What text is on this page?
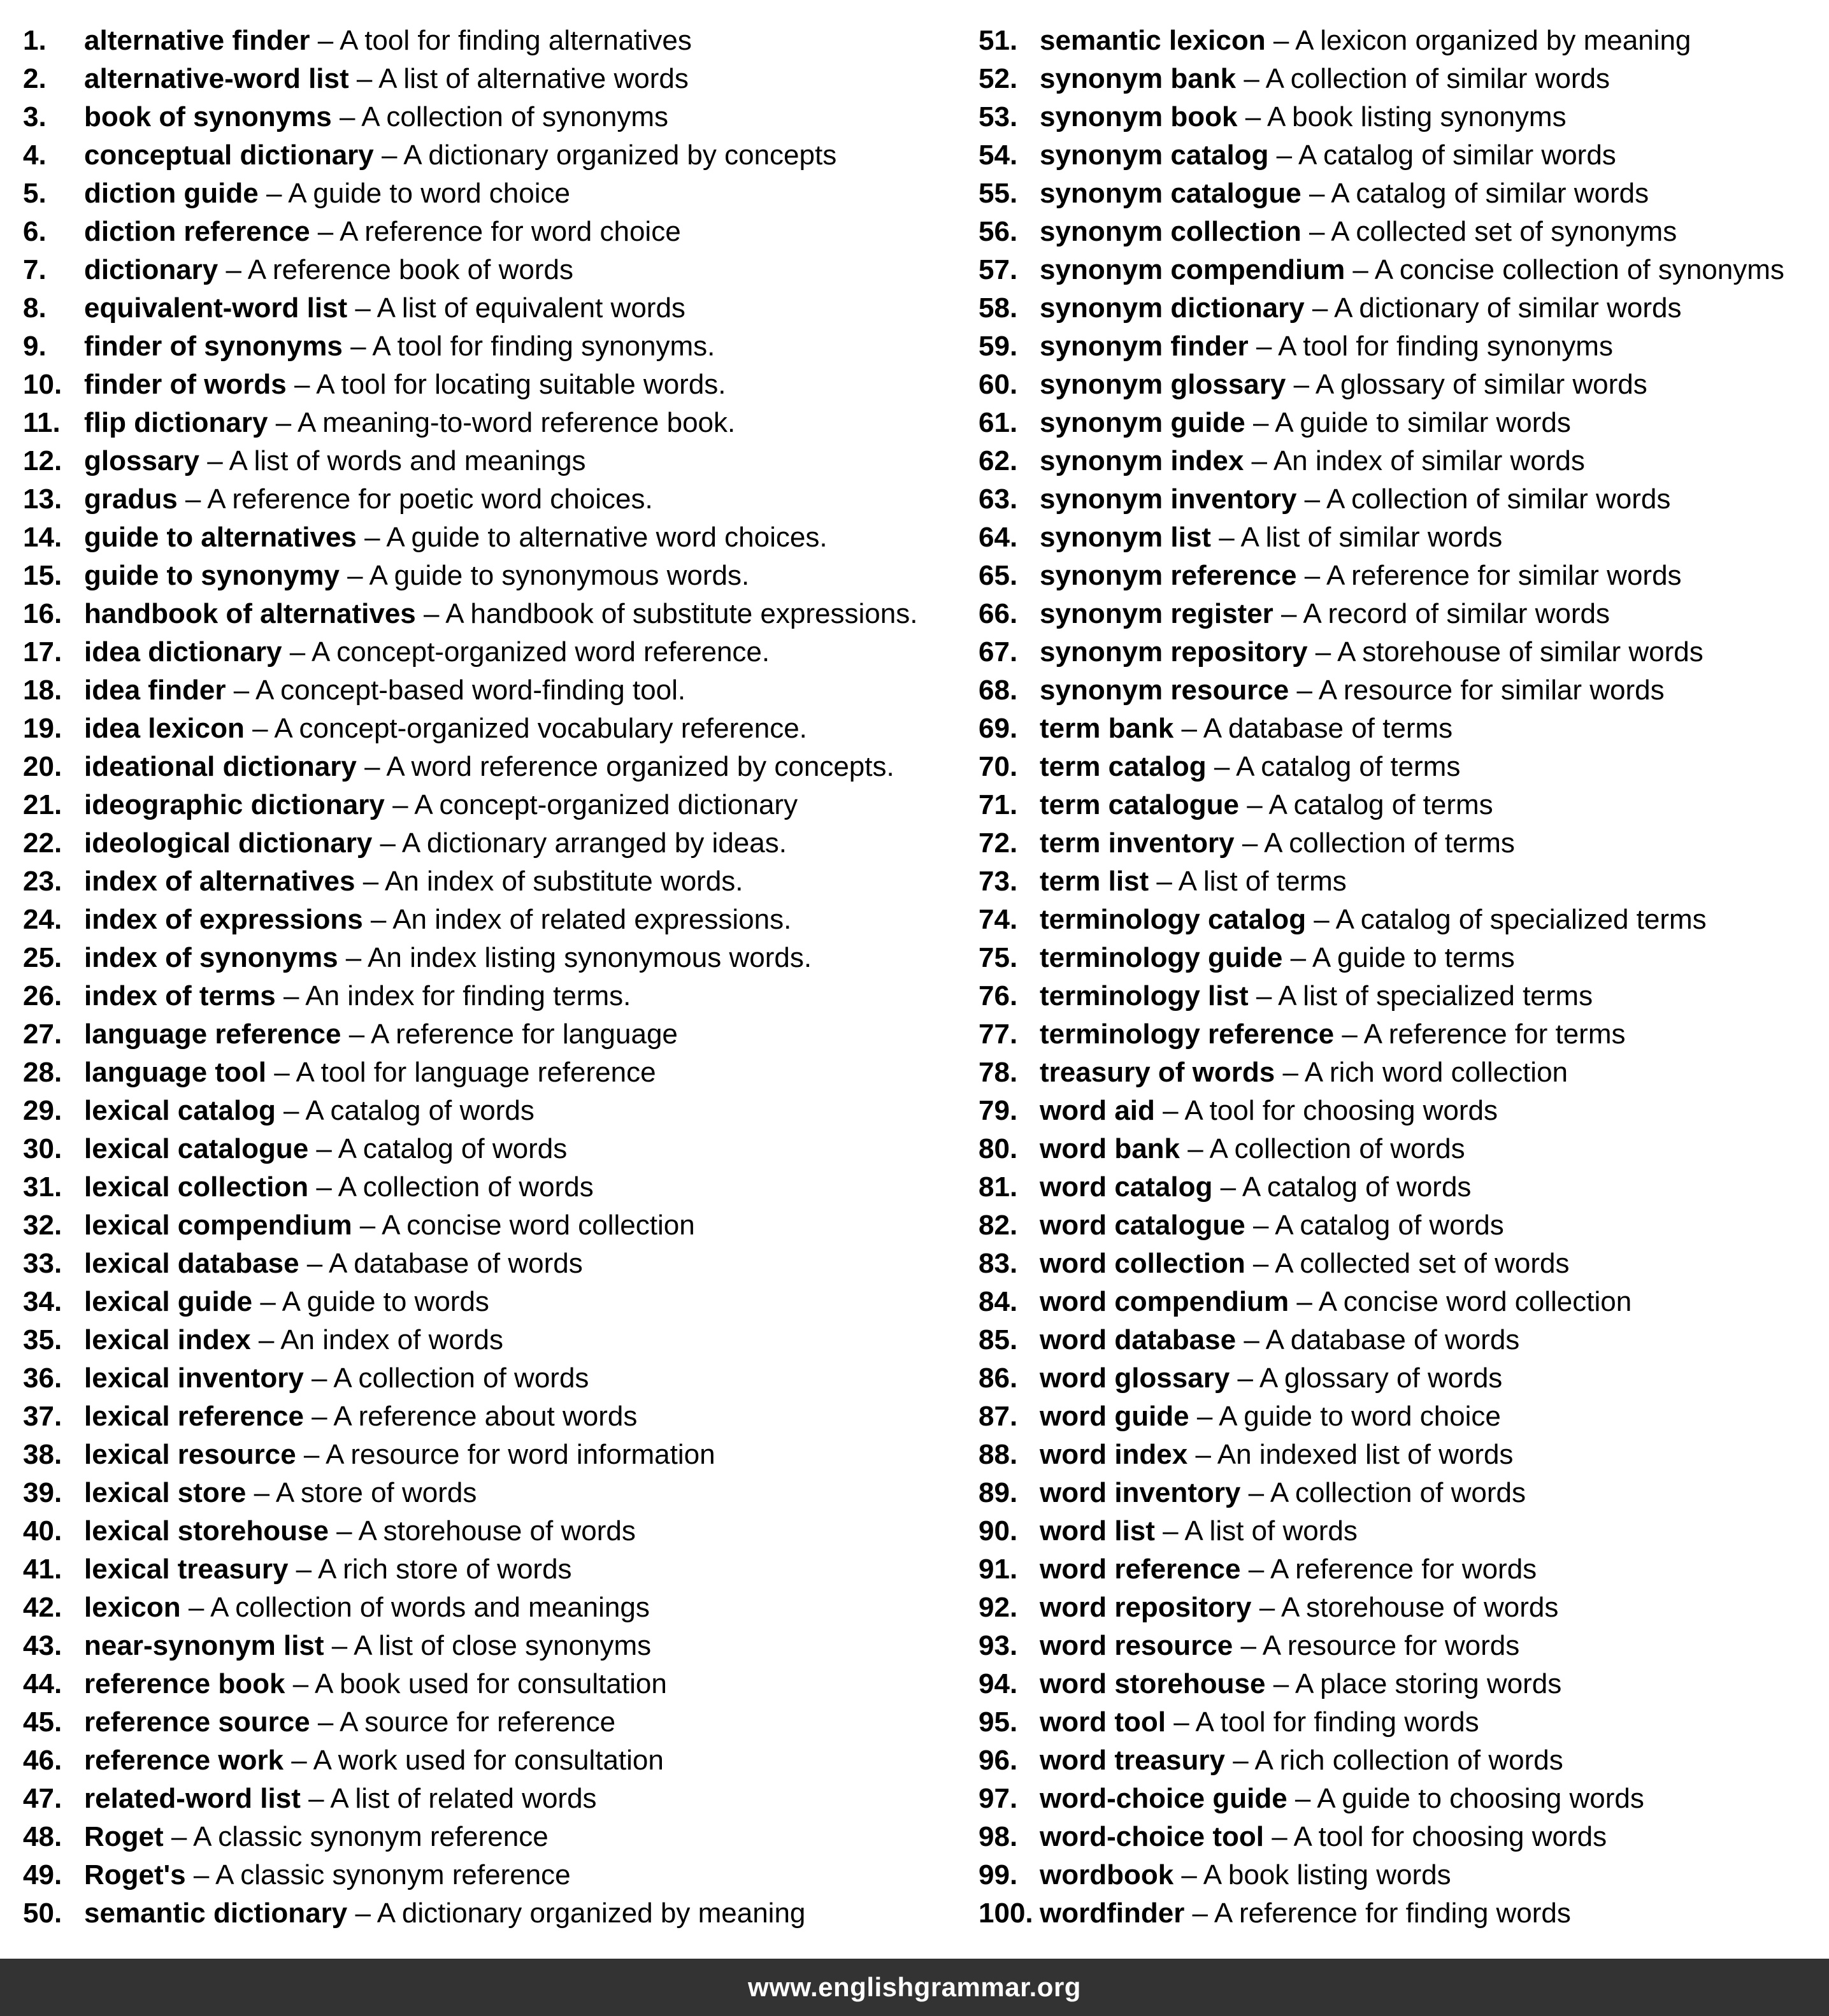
1. alternative finder – A tool for finding alternatives
2. alternative-word list – A list of alternative words
3. book of synonyms – A collection of synonyms
4. conceptual dictionary – A dictionary organized by concepts
5. diction guide – A guide to word choice
6. diction reference – A reference for word choice
7. dictionary – A reference book of words
8. equivalent-word list – A list of equivalent words
9. finder of synonyms – A tool for finding synonyms.
10. finder of words – A tool for locating suitable words.
11. flip dictionary – A meaning-to-word reference book.
12. glossary – A list of words and meanings
13. gradus – A reference for poetic word choices.
14. guide to alternatives – A guide to alternative word choices.
15. guide to synonymy – A guide to synonymous words.
16. handbook of alternatives – A handbook of substitute expressions.
17. idea dictionary – A concept-organized word reference.
18. idea finder – A concept-based word-finding tool.
19. idea lexicon – A concept-organized vocabulary reference.
20. ideational dictionary – A word reference organized by concepts.
21. ideographic dictionary – A concept-organized dictionary
22. ideological dictionary – A dictionary arranged by ideas.
23. index of alternatives – An index of substitute words.
24. index of expressions – An index of related expressions.
25. index of synonyms – An index listing synonymous words.
26. index of terms – An index for finding terms.
27. language reference – A reference for language
28. language tool – A tool for language reference
29. lexical catalog – A catalog of words
30. lexical catalogue – A catalog of words
31. lexical collection – A collection of words
32. lexical compendium – A concise word collection
33. lexical database – A database of words
34. lexical guide – A guide to words
35. lexical index – An index of words
36. lexical inventory – A collection of words
37. lexical reference – A reference about words
38. lexical resource – A resource for word information
39. lexical store – A store of words
40. lexical storehouse – A storehouse of words
41. lexical treasury – A rich store of words
42. lexicon – A collection of words and meanings
43. near-synonym list – A list of close synonyms
44. reference book – A book used for consultation
45. reference source – A source for reference
46. reference work – A work used for consultation
47. related-word list – A list of related words
48. Roget – A classic synonym reference
49. Roget's – A classic synonym reference
50. semantic dictionary – A dictionary organized by meaning
51. semantic lexicon – A lexicon organized by meaning
52. synonym bank – A collection of similar words
53. synonym book – A book listing synonyms
54. synonym catalog – A catalog of similar words
55. synonym catalogue – A catalog of similar words
56. synonym collection – A collected set of synonyms
57. synonym compendium – A concise collection of synonyms
58. synonym dictionary – A dictionary of similar words
59. synonym finder – A tool for finding synonyms
60. synonym glossary – A glossary of similar words
61. synonym guide – A guide to similar words
62. synonym index – An index of similar words
63. synonym inventory – A collection of similar words
64. synonym list – A list of similar words
65. synonym reference – A reference for similar words
66. synonym register – A record of similar words
67. synonym repository – A storehouse of similar words
68. synonym resource – A resource for similar words
69. term bank – A database of terms
70. term catalog – A catalog of terms
71. term catalogue – A catalog of terms
72. term inventory – A collection of terms
73. term list – A list of terms
74. terminology catalog – A catalog of specialized terms
75. terminology guide – A guide to terms
76. terminology list – A list of specialized terms
77. terminology reference – A reference for terms
78. treasury of words – A rich word collection
79. word aid – A tool for choosing words
80. word bank – A collection of words
81. word catalog – A catalog of words
82. word catalogue – A catalog of words
83. word collection – A collected set of words
84. word compendium – A concise word collection
85. word database – A database of words
86. word glossary – A glossary of words
87. word guide – A guide to word choice
88. word index – An indexed list of words
89. word inventory – A collection of words
90. word list – A list of words
91. word reference – A reference for words
92. word repository – A storehouse of words
93. word resource – A resource for words
94. word storehouse – A place storing words
95. word tool – A tool for finding words
96. word treasury – A rich collection of words
97. word-choice guide – A guide to choosing words
98. word-choice tool – A tool for choosing words
99. wordbook – A book listing words
100. wordfinder – A reference for finding words
www.englishgrammar.org
